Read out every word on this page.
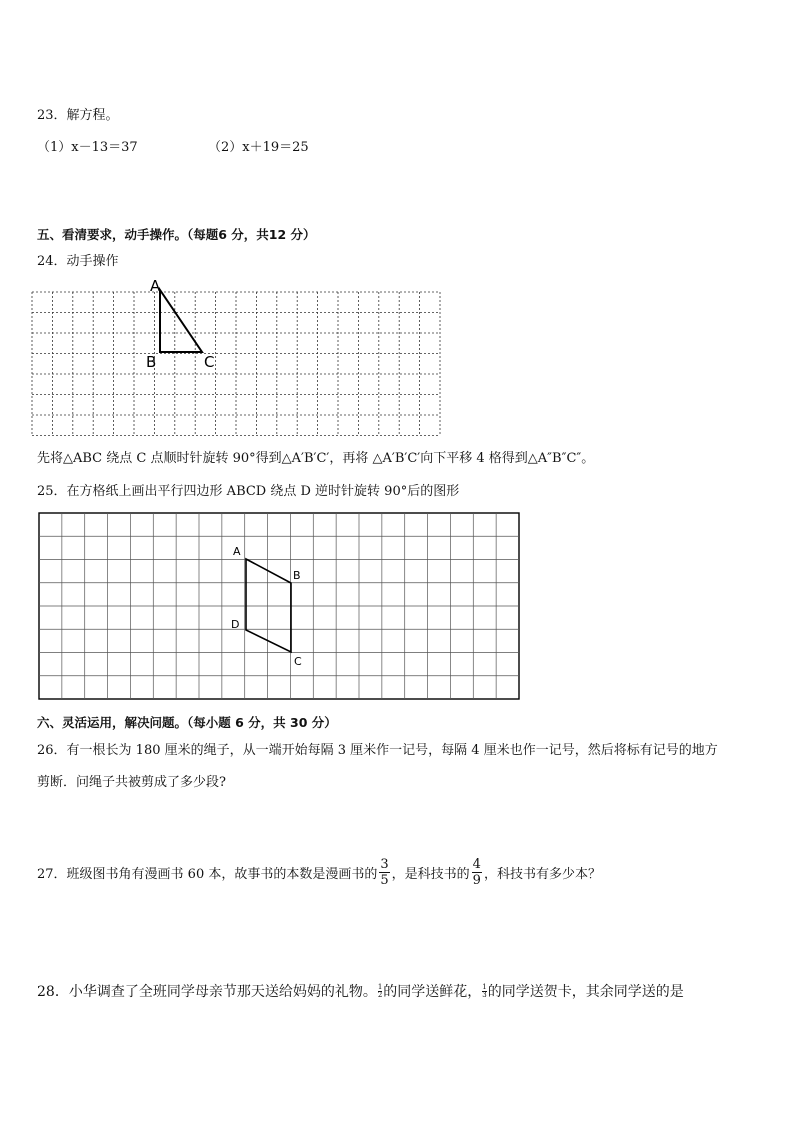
23．解方程。
（1）x－13＝37	（2）x＋19＝25
五、看清要求，动手操作。（每题6 分，共12 分）
24．动手操作
A
B	C
先将△ABC 绕点 C 点顺时针旋转 90°得到△A′B′C′，再将 △A′B′C′向下平移 4 格得到△A″B″C″。
25．在方格纸上画出平行四边形 ABCD 绕点 D 逆时针旋转 90°后的图形
A
B
D
C
六、灵活运用，解决问题。（每小题 6 分，共 30 分）
26．有一根长为 180 厘米的绳子，从一端开始每隔 3 厘米作一记号，每隔 4 厘米也作一记号，然后将标有记号的地方
剪断．问绳子共被剪成了多少段?
27．班级图书角有漫画书 60 本，故事书的本数是漫画书的 $\frac{3}{5}$ ，是科技书的 $\frac{4}{9}$ ，科技书有多少本？
28．小华调查了全班同学母亲节那天送给妈妈的礼物。 $\frac{1}{2}$ 的同学送鲜花， $\frac{1}{3}$ 的同学送贺卡，其余同学送的是
